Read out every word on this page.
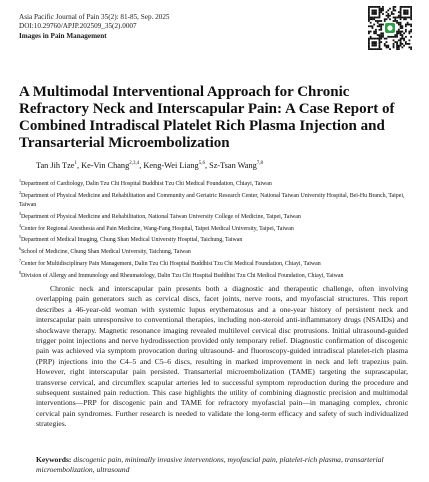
Asia Pacific Journal of Pain 35(2): 81-85, Sep. 2025
DOI:10.29760/APJP.202509_35(2).0007
Images in Pain Management
A Multimodal Interventional Approach for Chronic Refractory Neck and Interscapular Pain: A Case Report of Combined Intradiscal Platelet Rich Plasma Injection and Transarterial Microembolization
Tan Jih Tze$^1$, Ke-Vin Chang$^{2,3,4}$, Keng-Wei Liang$^{5,6}$, Sz-Tsan Wang$^{7,8}$
$^1$Department of Cardiology, Dalin Tzu Chi Hospital Buddhist Tzu Chi Medical Foundation, Chiayi, Taiwan
$^2$Department of Physical Medicine and Rehabilitation and Community and Geriatric Research Center, National Taiwan University Hospital, Bei-Hu Branch, Taipei, Taiwan
$^3$Department of Physical Medicine and Rehabilitation, National Taiwan University College of Medicine, Taipei, Taiwan
$^4$Center for Regional Anesthesia and Pain Medicine, Wang-Fang Hospital, Taipei Medical University, Taipei, Taiwan
$^5$Department of Medical Imaging, Chung Shan Medical University Hospital, Taichung, Taiwan
$^6$School of Medicine, Chung Shan Medical University, Taichung, Taiwan
$^7$Center for Multidisciplinary Pain Management, Dalin Tzu Chi Hospital Buddhist Tzu Chi Medical Foundation, Chiayi, Taiwan
$^8$Division of Allergy and Immunology and Rheumatology, Dalin Tzu Chi Hospital Buddhist Tzu Chi Medical Foundation, Chiayi, Taiwan

Chronic neck and interscapular pain presents both a diagnostic and therapeutic challenge, often involving overlapping pain generators such as cervical discs, facet joints, nerve roots, and myofascial structures. This report describes a 46-year-old woman with systemic lupus erythematosus and a one-year history of persistent neck and interscapular pain unresponsive to conventional therapies, including non-steroid anti-inflammatory drugs (NSAIDs) and shockwave therapy. Magnetic resonance imaging revealed multilevel cervical disc protrusions. Initial ultrasound-guided trigger point injections and nerve hydrodissection provided only temporary relief. Diagnostic confirmation of discogenic pain was achieved via symptom provocation during ultrasound- and fluoroscopy-guided intradiscal platelet-rich plasma (PRP) injections into the C4–5 and C5–6 discs, resulting in marked improvement in neck and left trapezius pain. However, right interscapular pain persisted. Transarterial microembolization (TAME) targeting the suprascapular, transverse cervical, and circumflex scapular arteries led to successful symptom reproduction during the procedure and subsequent sustained pain reduction. This case highlights the utility of combining diagnostic precision and multimodal interventions—PRP for discogenic pain and TAME for refractory myofascial pain—in managing complex, chronic cervical pain syndromes. Further research is needed to validate the long-term efficacy and safety of such individualized strategies.

Keywords: discogenic pain, minimally invasive interventions, myofascial pain, platelet-rich plasma, transarterial microembolization, ultrasound
